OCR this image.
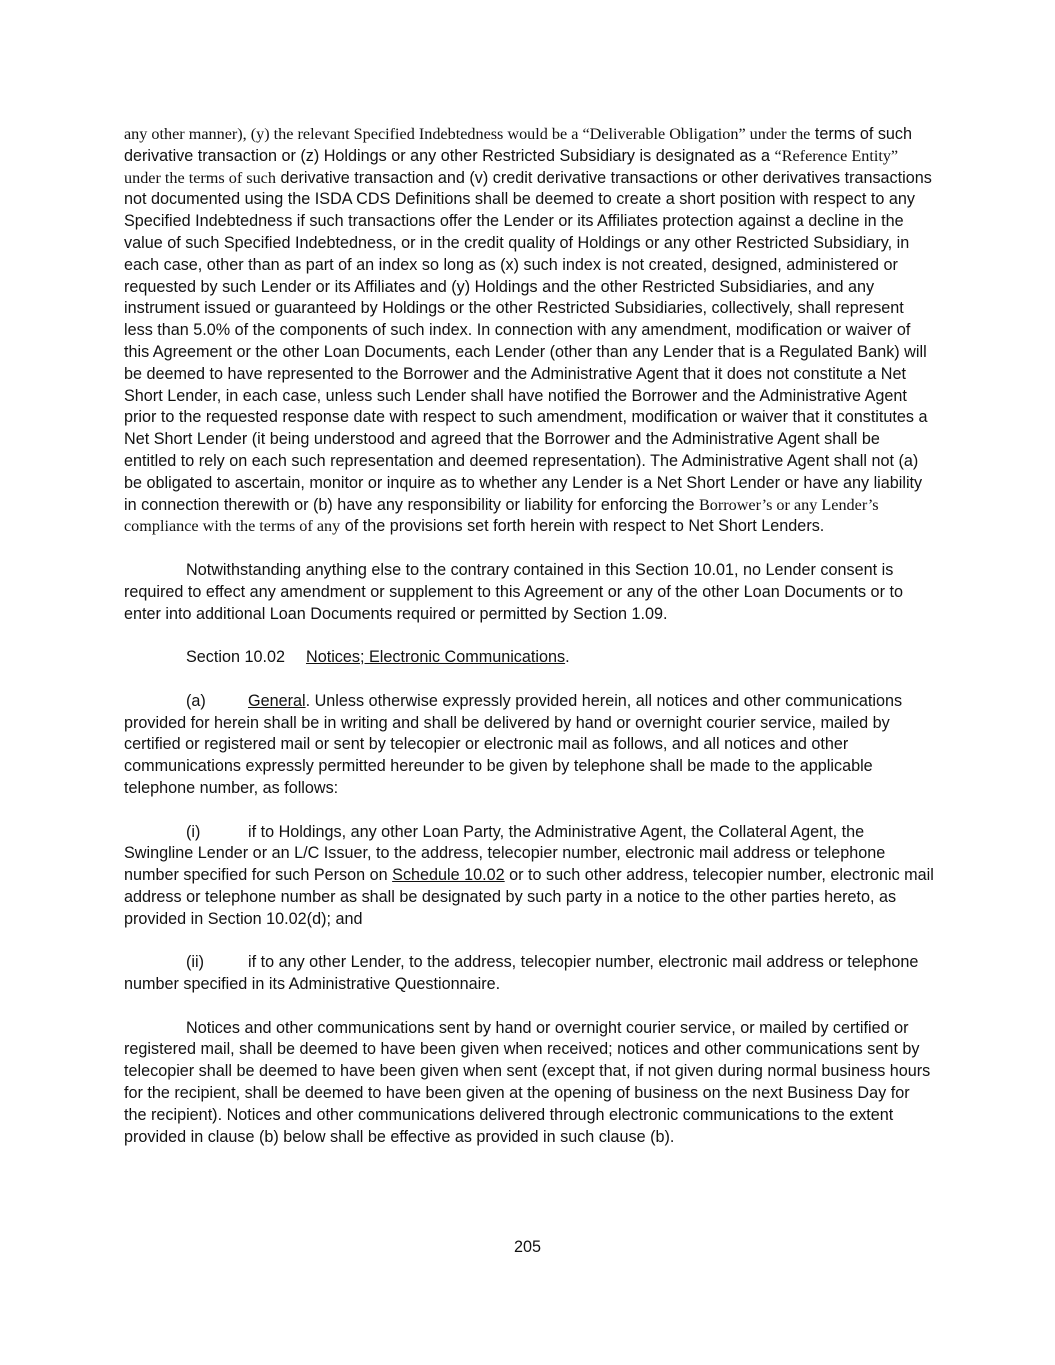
any other manner), (y) the relevant Specified Indebtedness would be a “Deliverable Obligation” under the terms of such derivative transaction or (z) Holdings or any other Restricted Subsidiary is designated as a “Reference Entity” under the terms of such derivative transaction and (v) credit derivative transactions or other derivatives transactions not documented using the ISDA CDS Definitions shall be deemed to create a short position with respect to any Specified Indebtedness if such transactions offer the Lender or its Affiliates protection against a decline in the value of such Specified Indebtedness, or in the credit quality of Holdings or any other Restricted Subsidiary, in each case, other than as part of an index so long as (x) such index is not created, designed, administered or requested by such Lender or its Affiliates and (y) Holdings and the other Restricted Subsidiaries, and any instrument issued or guaranteed by Holdings or the other Restricted Subsidiaries, collectively, shall represent less than 5.0% of the components of such index. In connection with any amendment, modification or waiver of this Agreement or the other Loan Documents, each Lender (other than any Lender that is a Regulated Bank) will be deemed to have represented to the Borrower and the Administrative Agent that it does not constitute a Net Short Lender, in each case, unless such Lender shall have notified the Borrower and the Administrative Agent prior to the requested response date with respect to such amendment, modification or waiver that it constitutes a Net Short Lender (it being understood and agreed that the Borrower and the Administrative Agent shall be entitled to rely on each such representation and deemed representation). The Administrative Agent shall not (a) be obligated to ascertain, monitor or inquire as to whether any Lender is a Net Short Lender or have any liability in connection therewith or (b) have any responsibility or liability for enforcing the Borrower’s or any Lender’s compliance with the terms of any of the provisions set forth herein with respect to Net Short Lenders.

Notwithstanding anything else to the contrary contained in this Section 10.01, no Lender consent is required to effect any amendment or supplement to this Agreement or any of the other Loan Documents or to enter into additional Loan Documents required or permitted by Section 1.09.

Section 10.02 Notices; Electronic Communications.

(a)	General. Unless otherwise expressly provided herein, all notices and other communications provided for herein shall be in writing and shall be delivered by hand or overnight courier service, mailed by certified or registered mail or sent by telecopier or electronic mail as follows, and all notices and other communications expressly permitted hereunder to be given by telephone shall be made to the applicable telephone number, as follows:

(i)	if to Holdings, any other Loan Party, the Administrative Agent, the Collateral Agent, the Swingline Lender or an L/C Issuer, to the address, telecopier number, electronic mail address or telephone number specified for such Person on Schedule 10.02 or to such other address, telecopier number, electronic mail address or telephone number as shall be designated by such party in a notice to the other parties hereto, as provided in Section 10.02(d); and

(ii)	if to any other Lender, to the address, telecopier number, electronic mail address or telephone number specified in its Administrative Questionnaire.

Notices and other communications sent by hand or overnight courier service, or mailed by certified or registered mail, shall be deemed to have been given when received; notices and other communications sent by telecopier shall be deemed to have been given when sent (except that, if not given during normal business hours for the recipient, shall be deemed to have been given at the opening of business on the next Business Day for the recipient). Notices and other communications delivered through electronic communications to the extent provided in clause (b) below shall be effective as provided in such clause (b).

205
